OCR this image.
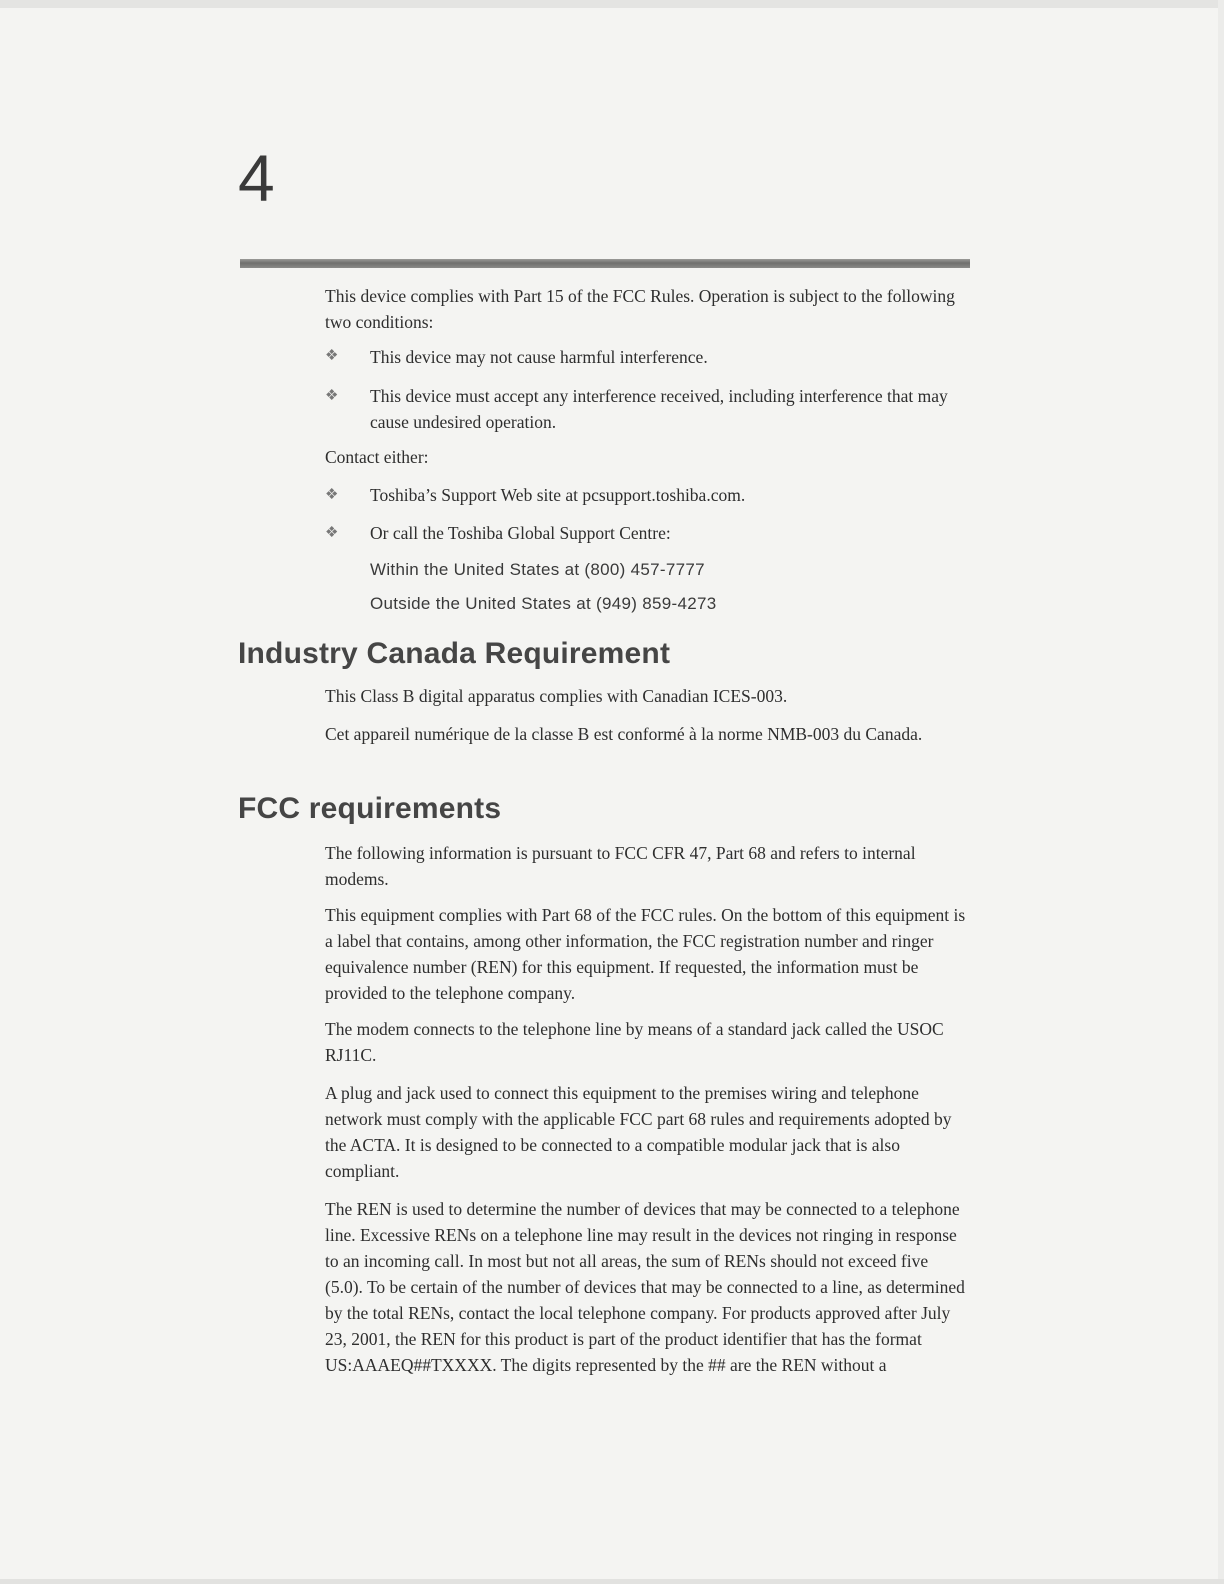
4

This device complies with Part 15 of the FCC Rules. Operation is subject to the following two conditions:

❖ This device may not cause harmful interference.

❖ This device must accept any interference received, including interference that may cause undesired operation.

Contact either:

❖ Toshiba’s Support Web site at pcsupport.toshiba.com.

❖ Or call the Toshiba Global Support Centre:

Within the United States at (800) 457-7777
Outside the United States at (949) 859-4273
Industry Canada Requirement

This Class B digital apparatus complies with Canadian ICES-003.

Cet appareil numérique de la classe B est conformé à la norme NMB-003 du Canada.

FCC requirements

The following information is pursuant to FCC CFR 47, Part 68 and refers to internal modems.

This equipment complies with Part 68 of the FCC rules. On the bottom of this equipment is a label that contains, among other information, the FCC registration number and ringer equivalence number (REN) for this equipment. If requested, the information must be provided to the telephone company.

The modem connects to the telephone line by means of a standard jack called the USOC RJ11C.

A plug and jack used to connect this equipment to the premises wiring and telephone network must comply with the applicable FCC part 68 rules and requirements adopted by the ACTA. It is designed to be connected to a compatible modular jack that is also compliant.

The REN is used to determine the number of devices that may be connected to a telephone line. Excessive RENs on a telephone line may result in the devices not ringing in response to an incoming call. In most but not all areas, the sum of RENs should not exceed five (5.0). To be certain of the number of devices that may be connected to a line, as determined by the total RENs, contact the local telephone company. For products approved after July 23, 2001, the REN for this product is part of the product identifier that has the format US:AAAEQ##TXXXX. The digits represented by the ## are the REN without a
